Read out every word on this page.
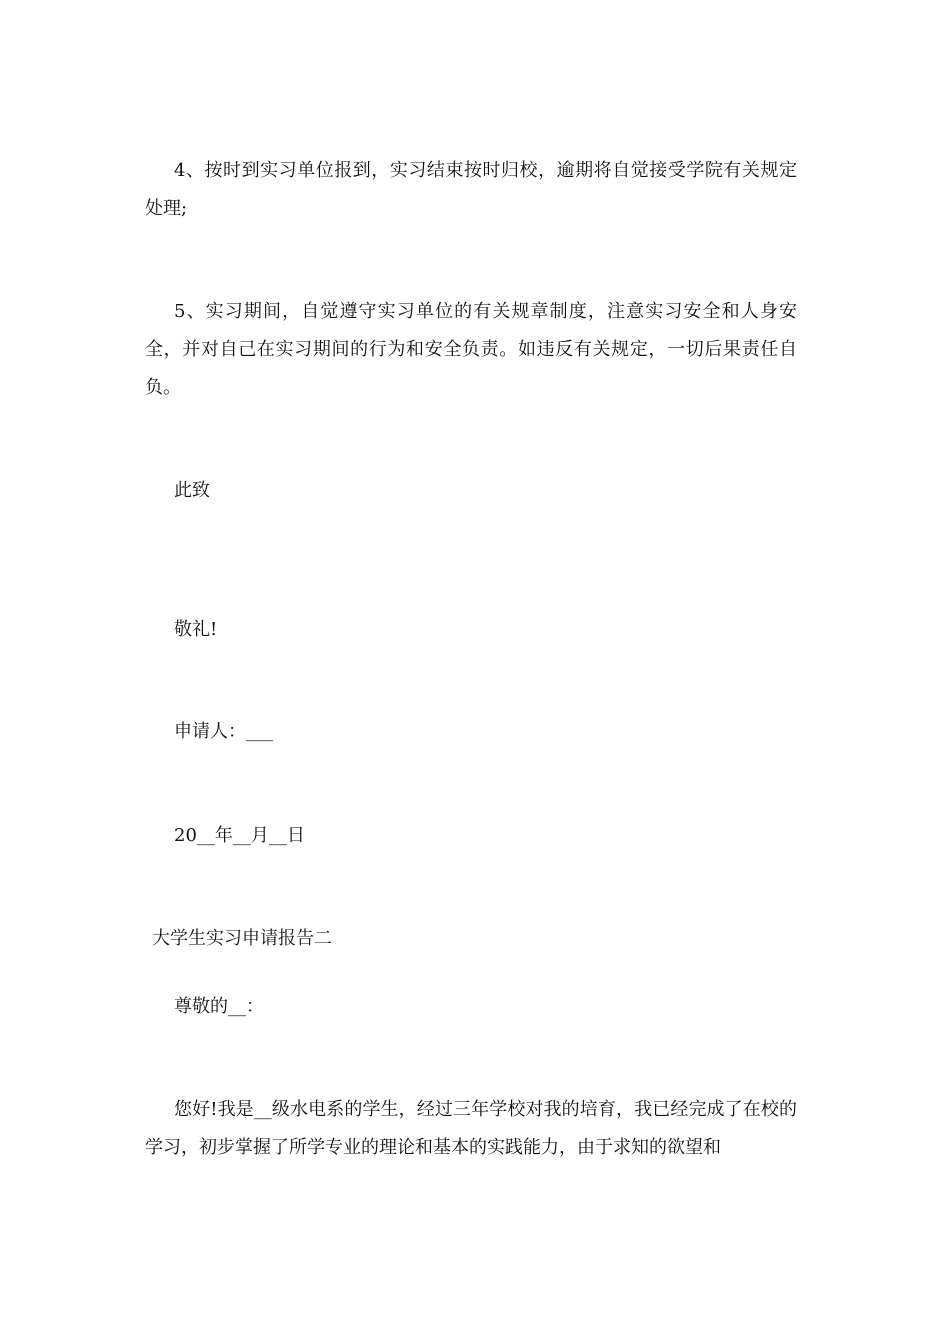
4、按时到实习单位报到，实习结束按时归校，逾期将自觉接受学院有关规定处理;

5、实习期间，自觉遵守实习单位的有关规章制度，注意实习安全和人身安全，并对自己在实习期间的行为和安全负责。如违反有关规定，一切后果责任自负。

此致

敬礼!

申请人：___

20__年__月__日

大学生实习申请报告二

尊敬的__：

您好!我是__级水电系的学生，经过三年学校对我的培育，我已经完成了在校的学习，初步掌握了所学专业的理论和基本的实践能力，由于求知的欲望和
